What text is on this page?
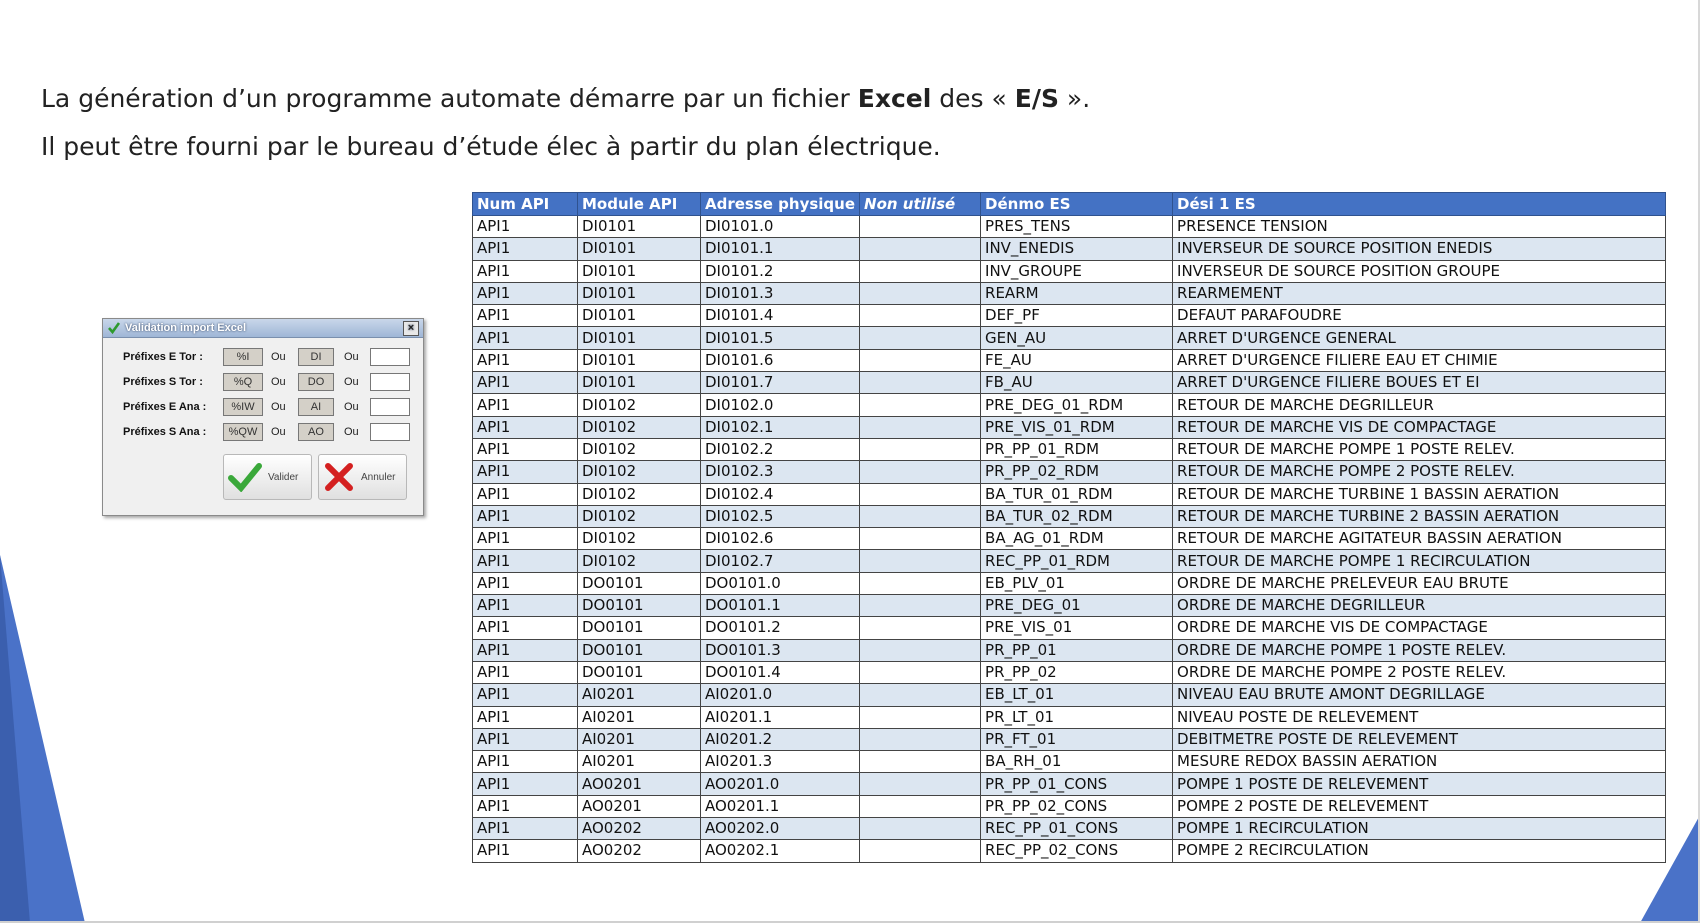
La génération d’un programme automate démarre par un fichier Excel des « E/S ».
Il peut être fourni par le bureau d’étude élec à partir du plan électrique.
Validation import Excel	×
Préfixes E Tor :	%I	Ou	DI	Ou
Préfixes S Tor :	%Q	Ou	DO	Ou
Préfixes E Ana :	%IW	Ou	AI	Ou
Préfixes S Ana :	%QW	Ou	AO	Ou
Valider	Annuler
Num API	Module API	Adresse physique	Non utilisé	Dénmo ES	Dési 1 ES
API1	DI0101	DI0101.0		PRES_TENS	PRESENCE TENSION
API1	DI0101	DI0101.1		INV_ENEDIS	INVERSEUR DE SOURCE POSITION ENEDIS
API1	DI0101	DI0101.2		INV_GROUPE	INVERSEUR DE SOURCE POSITION GROUPE
API1	DI0101	DI0101.3		REARM	REARMEMENT
API1	DI0101	DI0101.4		DEF_PF	DEFAUT PARAFOUDRE
API1	DI0101	DI0101.5		GEN_AU	ARRET D'URGENCE GENERAL
API1	DI0101	DI0101.6		FE_AU	ARRET D'URGENCE FILIERE EAU ET CHIMIE
API1	DI0101	DI0101.7		FB_AU	ARRET D'URGENCE FILIERE BOUES ET EI
API1	DI0102	DI0102.0		PRE_DEG_01_RDM	RETOUR DE MARCHE DEGRILLEUR
API1	DI0102	DI0102.1		PRE_VIS_01_RDM	RETOUR DE MARCHE VIS DE COMPACTAGE
API1	DI0102	DI0102.2		PR_PP_01_RDM	RETOUR DE MARCHE POMPE 1 POSTE RELEV.
API1	DI0102	DI0102.3		PR_PP_02_RDM	RETOUR DE MARCHE POMPE 2 POSTE RELEV.
API1	DI0102	DI0102.4		BA_TUR_01_RDM	RETOUR DE MARCHE TURBINE 1 BASSIN AERATION
API1	DI0102	DI0102.5		BA_TUR_02_RDM	RETOUR DE MARCHE TURBINE 2 BASSIN AERATION
API1	DI0102	DI0102.6		BA_AG_01_RDM	RETOUR DE MARCHE AGITATEUR BASSIN AERATION
API1	DI0102	DI0102.7		REC_PP_01_RDM	RETOUR DE MARCHE POMPE 1 RECIRCULATION
API1	DO0101	DO0101.0		EB_PLV_01	ORDRE DE MARCHE PRELEVEUR EAU BRUTE
API1	DO0101	DO0101.1		PRE_DEG_01	ORDRE DE MARCHE DEGRILLEUR
API1	DO0101	DO0101.2		PRE_VIS_01	ORDRE DE MARCHE VIS DE COMPACTAGE
API1	DO0101	DO0101.3		PR_PP_01	ORDRE DE MARCHE POMPE 1 POSTE RELEV.
API1	DO0101	DO0101.4		PR_PP_02	ORDRE DE MARCHE POMPE 2 POSTE RELEV.
API1	AI0201	AI0201.0		EB_LT_01	NIVEAU EAU BRUTE AMONT DEGRILLAGE
API1	AI0201	AI0201.1		PR_LT_01	NIVEAU POSTE DE RELEVEMENT
API1	AI0201	AI0201.2		PR_FT_01	DEBITMETRE POSTE DE RELEVEMENT
API1	AI0201	AI0201.3		BA_RH_01	MESURE REDOX BASSIN AERATION
API1	AO0201	AO0201.0		PR_PP_01_CONS	POMPE 1 POSTE DE RELEVEMENT
API1	AO0201	AO0201.1		PR_PP_02_CONS	POMPE 2 POSTE DE RELEVEMENT
API1	AO0202	AO0202.0		REC_PP_01_CONS	POMPE 1 RECIRCULATION
API1	AO0202	AO0202.1		REC_PP_02_CONS	POMPE 2 RECIRCULATION
